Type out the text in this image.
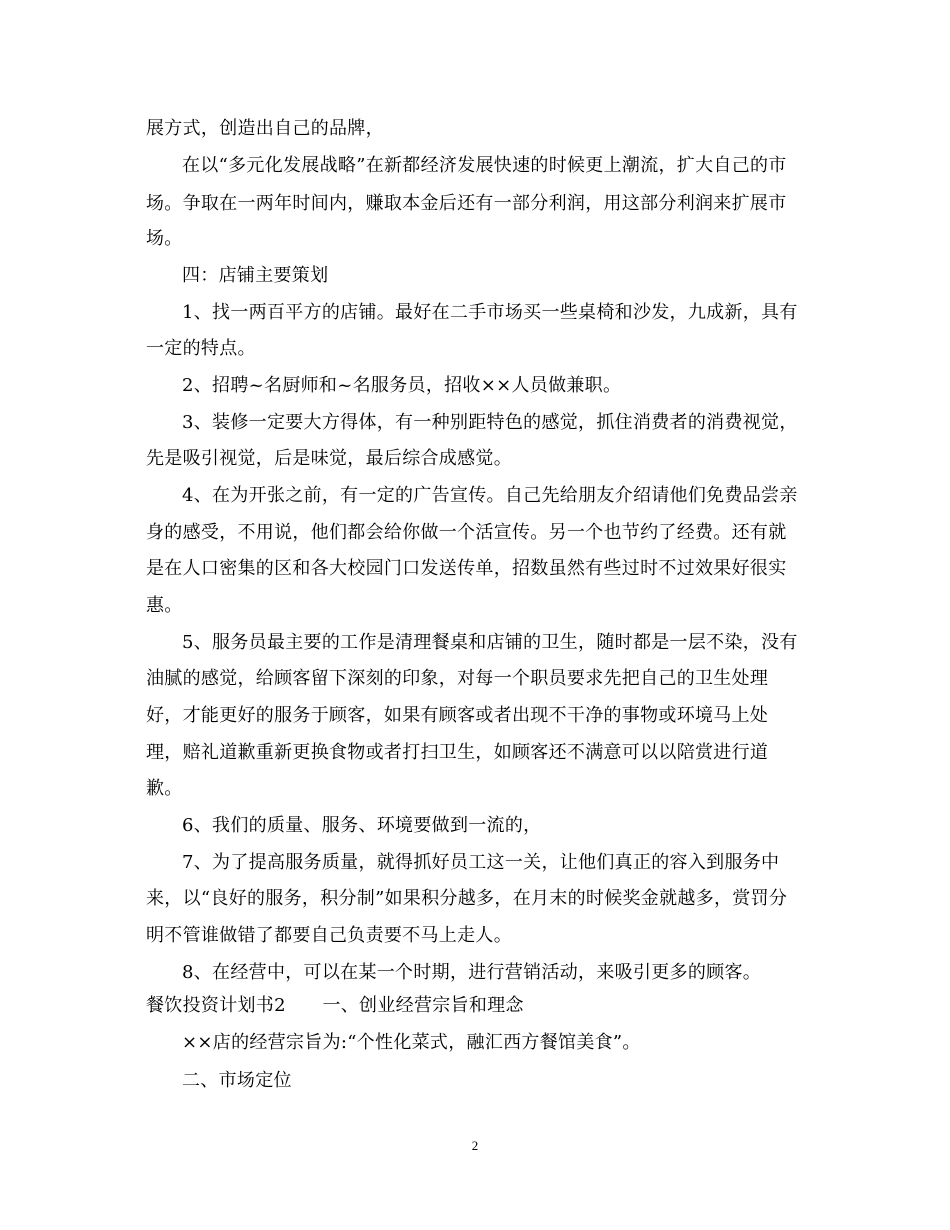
展方式，创造出自己的品牌，
在以“多元化发展战略”在新都经济发展快速的时候更上潮流，扩大自己的市
场。争取在一两年时间内，赚取本金后还有一部分利润，用这部分利润来扩展市
场。
四：店铺主要策划
1、找一两百平方的店铺。最好在二手市场买一些桌椅和沙发，九成新，具有
一定的特点。
2、招聘~名厨师和~名服务员，招收××人员做兼职。
3、装修一定要大方得体，有一种别距特色的感觉，抓住消费者的消费视觉，
先是吸引视觉，后是味觉，最后综合成感觉。
4、在为开张之前，有一定的广告宣传。自己先给朋友介绍请他们免费品尝亲
身的感受，不用说，他们都会给你做一个活宣传。另一个也节约了经费。还有就
是在人口密集的区和各大校园门口发送传单，招数虽然有些过时不过效果好很实
惠。
5、服务员最主要的工作是清理餐桌和店铺的卫生，随时都是一层不染，没有
油腻的感觉，给顾客留下深刻的印象，对每一个职员要求先把自己的卫生处理
好，才能更好的服务于顾客，如果有顾客或者出现不干净的事物或环境马上处
理，赔礼道歉重新更换食物或者打扫卫生，如顾客还不满意可以以陪赏进行道
歉。
6、我们的质量、服务、环境要做到一流的，
7、为了提高服务质量，就得抓好员工这一关，让他们真正的容入到服务中
来，以“良好的服务，积分制”如果积分越多，在月末的时候奖金就越多，赏罚分
明不管谁做错了都要自己负责要不马上走人。
8、在经营中，可以在某一个时期，进行营销活动，来吸引更多的顾客。
餐饮投资计划书2　　一、创业经营宗旨和理念
××店的经营宗旨为:“个性化菜式，融汇西方餐馆美食”。
二、市场定位
2
